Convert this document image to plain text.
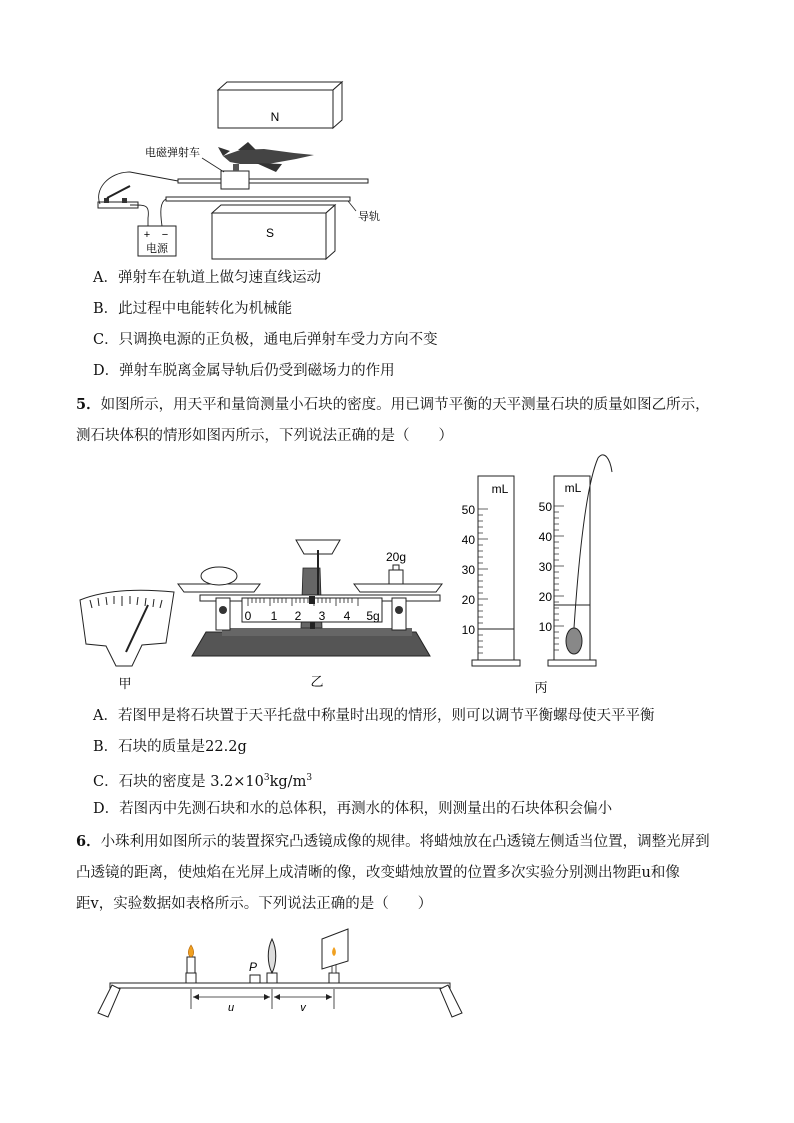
N
S
导轨
电磁弹射车
+ −
电源
A．弹射车在轨道上做匀速直线运动
B．此过程中电能转化为机械能
C．只调换电源的正负极，通电后弹射车受力方向不变
D．弹射车脱离金属导轨后仍受到磁场力的作用
5．如图所示，用天平和量筒测量小石块的密度。用已调节平衡的天平测量石块的质量如图乙所示，
测石块体积的情形如图丙所示，下列说法正确的是（　　）
甲
20g
0 1 2 3 4 5g
乙
mL
50
40
30
20
10
mL
50
40
30
20
10
丙
A．若图甲是将石块置于天平托盘中称量时出现的情形，则可以调节平衡螺母使天平平衡
B．石块的质量是22.2g
C．石块的密度是 $3.2\times 10^3kg/m^3$
D．若图丙中先测石块和水的总体积，再测水的体积，则测量出的石块体积会偏小
6．小珠利用如图所示的装置探究凸透镜成像的规律。将蜡烛放在凸透镜左侧适当位置，调整光屏到
凸透镜的距离，使烛焰在光屏上成清晰的像，改变蜡烛放置的位置多次实验分别测出物距u和像
距v，实验数据如表格所示。下列说法正确的是（　　）
P
u	v
